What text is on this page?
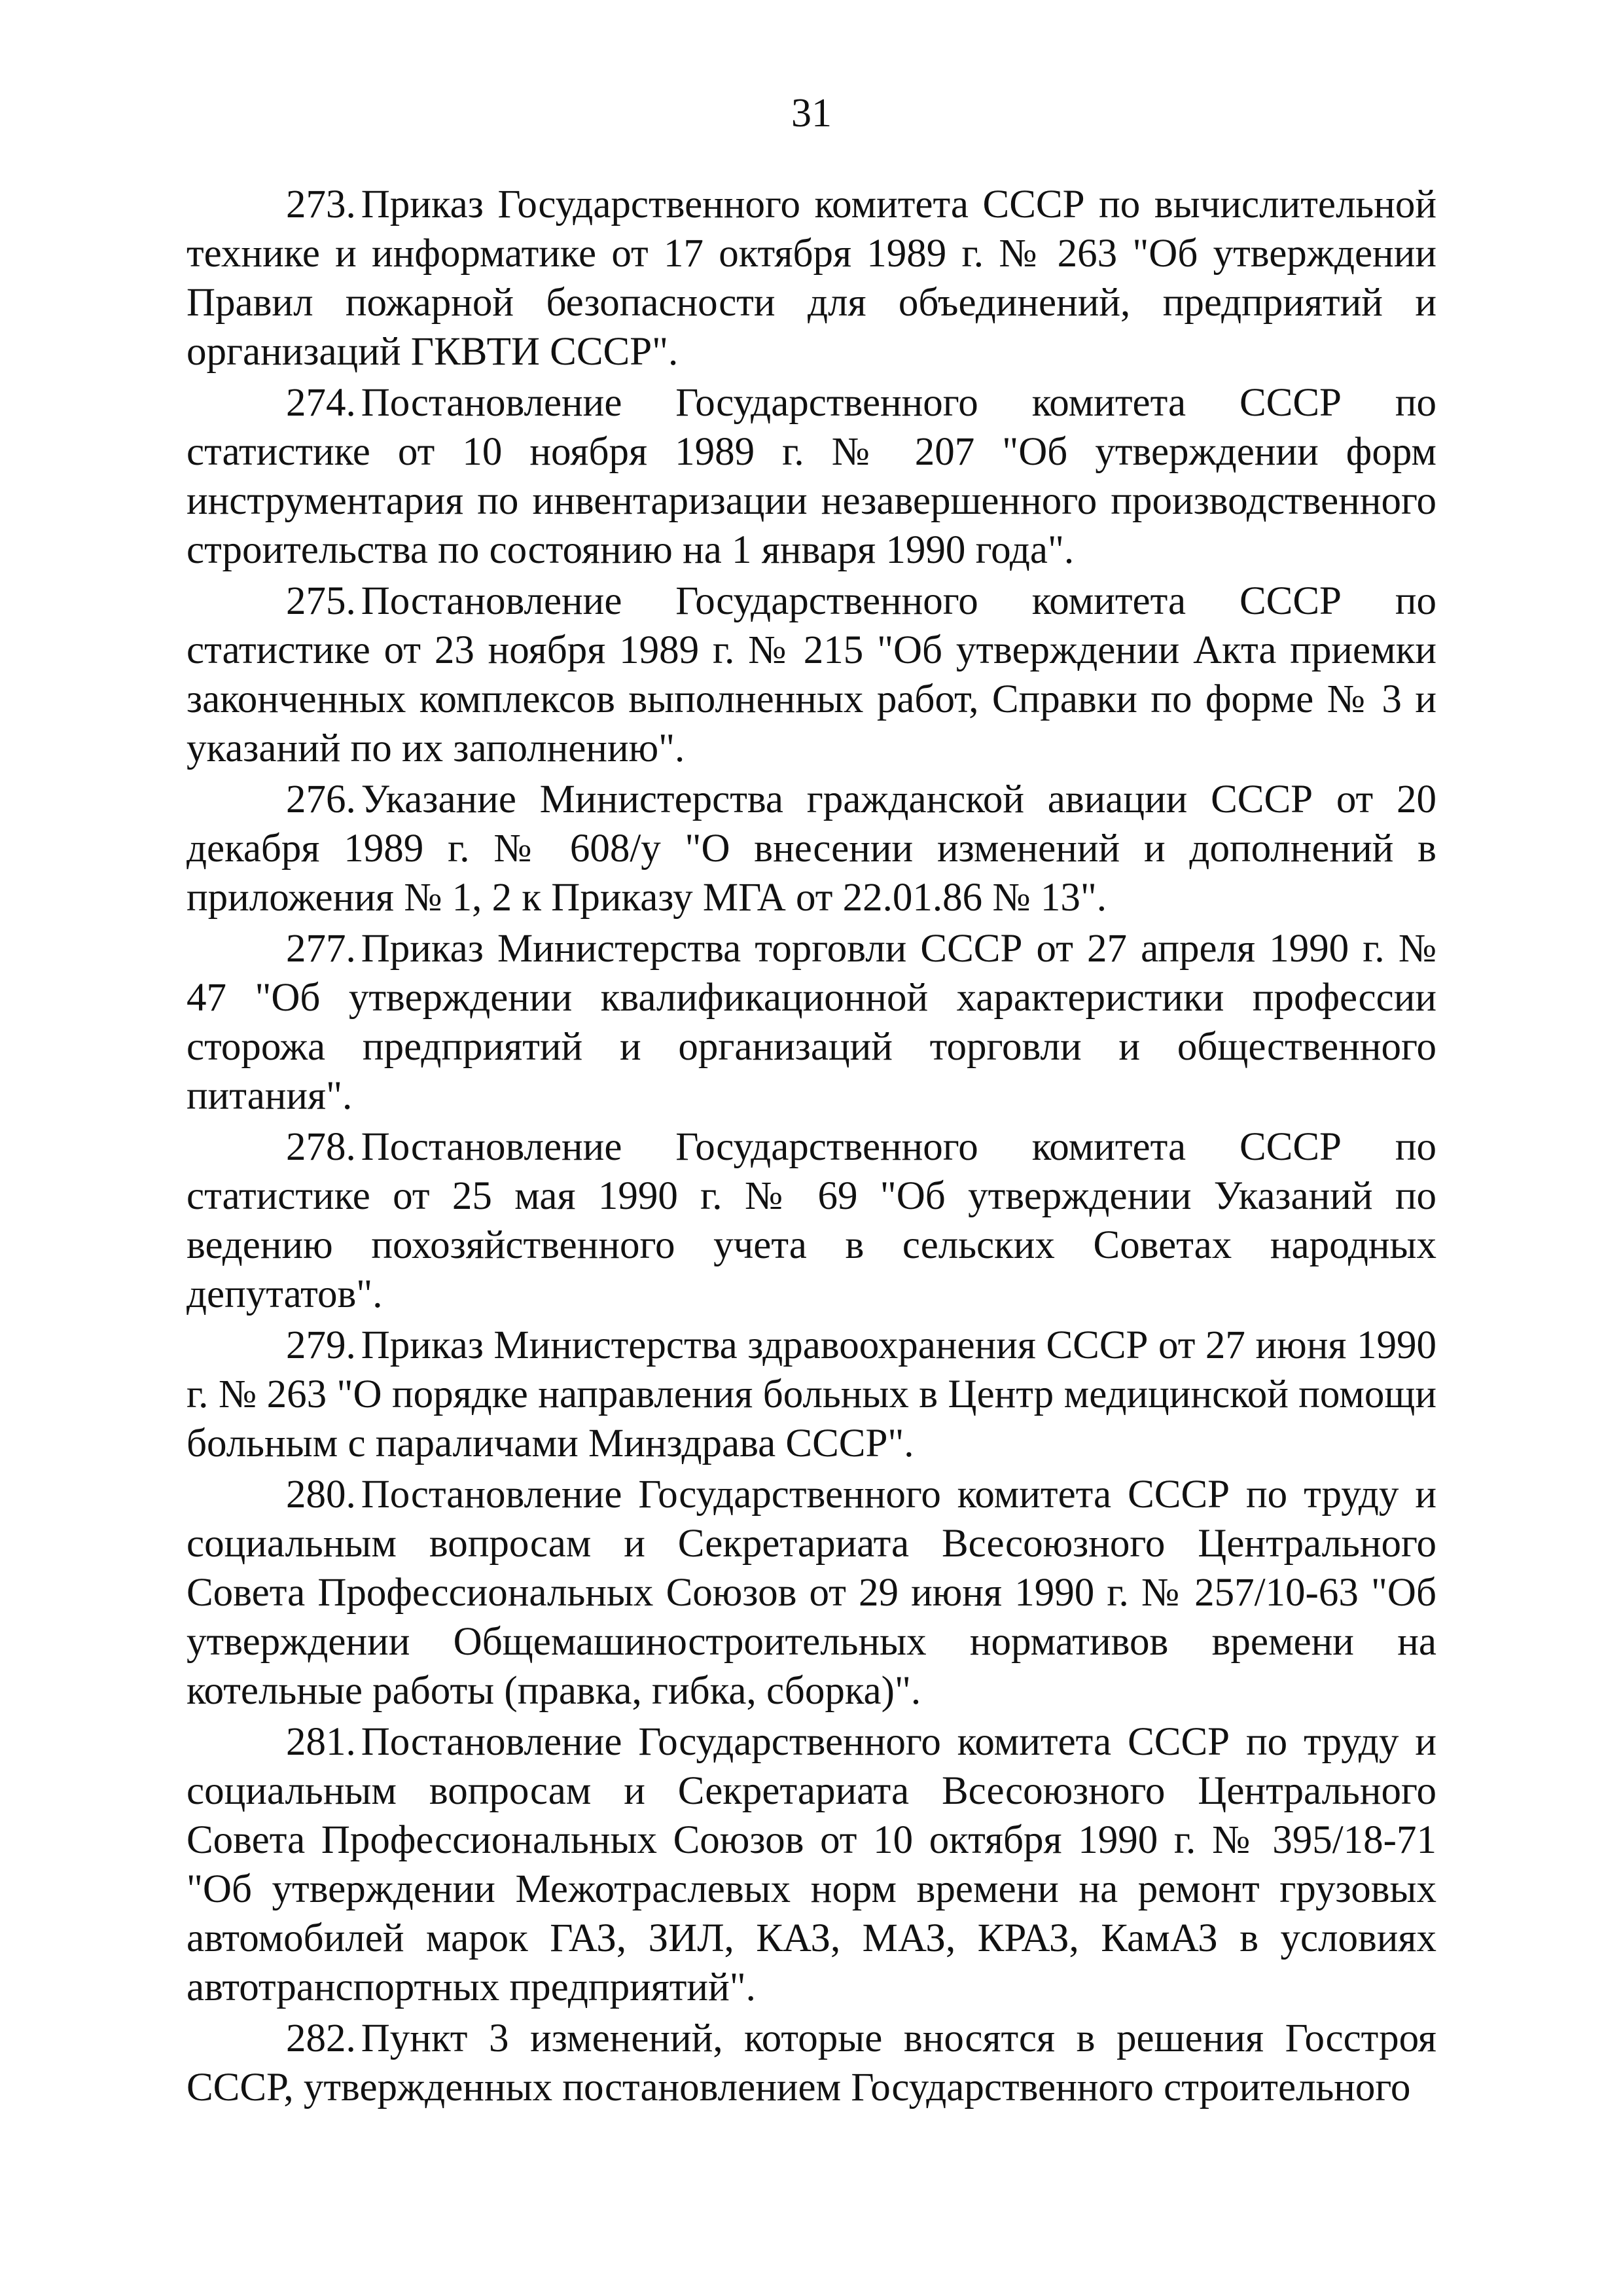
31

273. Приказ Государственного комитета СССР по вычислительной технике и информатике от 17 октября 1989 г. № 263 "Об утверждении Правил пожарной безопасности для объединений, предприятий и организаций ГКВТИ СССР".

274. Постановление Государственного комитета СССР по статистике от 10 ноября 1989 г. № 207 "Об утверждении форм инструментария по инвентаризации незавершенного производственного строительства по состоянию на 1 января 1990 года".

275. Постановление Государственного комитета СССР по статистике от 23 ноября 1989 г. № 215 "Об утверждении Акта приемки законченных комплексов выполненных работ, Справки по форме № 3 и указаний по их заполнению".

276. Указание Министерства гражданской авиации СССР от 20 декабря 1989 г. № 608/у "О внесении изменений и дополнений в приложения № 1, 2 к Приказу МГА от 22.01.86 № 13".

277. Приказ Министерства торговли СССР от 27 апреля 1990 г. № 47 "Об утверждении квалификационной характеристики профессии сторожа предприятий и организаций торговли и общественного питания".

278. Постановление Государственного комитета СССР по статистике от 25 мая 1990 г. № 69 "Об утверждении Указаний по ведению похозяйственного учета в сельских Советах народных депутатов".

279. Приказ Министерства здравоохранения СССР от 27 июня 1990 г. № 263 "О порядке направления больных в Центр медицинской помощи больным с параличами Минздрава СССР".

280. Постановление Государственного комитета СССР по труду и социальным вопросам и Секретариата Всесоюзного Центрального Совета Профессиональных Союзов от 29 июня 1990 г. № 257/10-63 "Об утверждении Общемашиностроительных нормативов времени на котельные работы (правка, гибка, сборка)".

281. Постановление Государственного комитета СССР по труду и социальным вопросам и Секретариата Всесоюзного Центрального Совета Профессиональных Союзов от 10 октября 1990 г. № 395/18-71 "Об утверждении Межотраслевых норм времени на ремонт грузовых автомобилей марок ГАЗ, ЗИЛ, КАЗ, МАЗ, КРАЗ, КамАЗ в условиях автотранспортных предприятий".

282. Пункт 3 изменений, которые вносятся в решения Госстроя СССР, утвержденных постановлением Государственного строительного
